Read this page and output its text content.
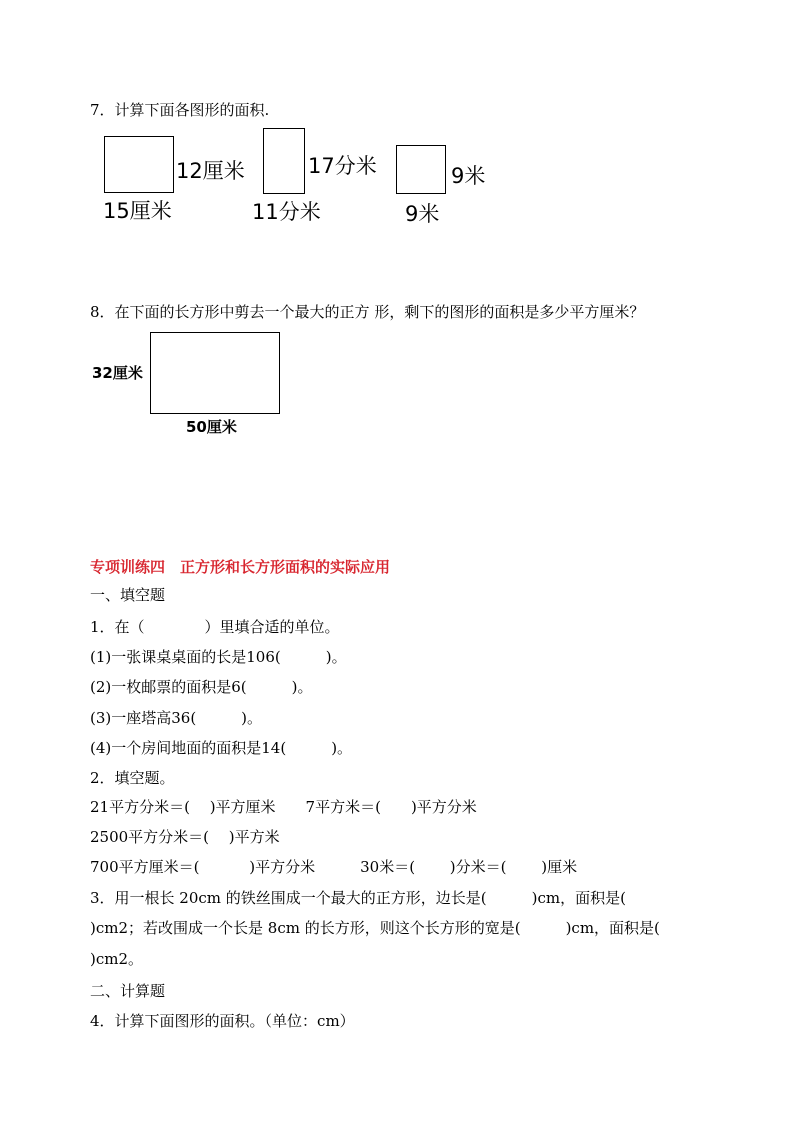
7．计算下面各图形的面积.
12厘米
15厘米
17分米
11分米
9米
9米
8．在下面的长方形中剪去一个最大的正方 形，剩下的图形的面积是多少平方厘米？
32厘米
50厘米
专项训练四　正方形和长方形面积的实际应用
一、填空题
1．在（　　　　）里填合适的单位。
(1)一张课桌桌面的长是106(　　　)。
(2)一枚邮票的面积是6(　　　)。
(3)一座塔高36(　　　)。
(4)一个房间地面的面积是14(　　　)。
2．填空题。
21平方分米＝(　 )平方厘米　　7平方米＝(　　)平方分米
2500平方分米＝(　 )平方米
700平方厘米＝(　　　 )平方分米　　　30米＝(　　 )分米＝(　　 )厘米
3．用一根长 20cm 的铁丝围成一个最大的正方形，边长是(　　　)cm，面积是(
)cm2；若改围成一个长是 8cm 的长方形，则这个长方形的宽是(　　　)cm，面积是(
)cm2。
二、计算题
4．计算下面图形的面积。（单位：cm）
